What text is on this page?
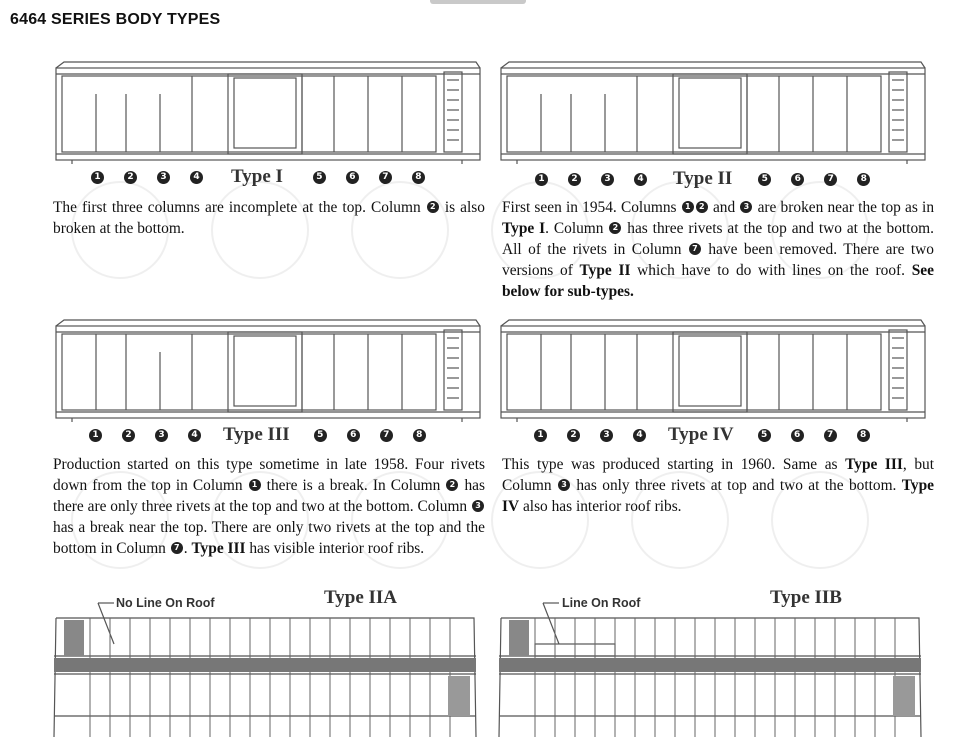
6464 SERIES BODY TYPES
1	2	3	4 Type I	5	6	7	8
The first three columns are incomplete at the top. Column 2 is also broken at the bottom.
1	2	3	4 Type II	5	6	7	8
First seen in 1954. Columns 1 2 and 3 are broken near the top as in Type I. Column 2 has three rivets at the top and two at the bottom. All of the rivets in Column 7 have been removed. There are two versions of Type II which have to do with lines on the roof. See below for sub-types.
1	2	3	4 Type III	5	6	7	8
Production started on this type sometime in late 1958. Four rivets down from the top in Column 1 there is a break. In Column 2 has there are only three rivets at the top and two at the bottom. Column 3 has a break near the top. There are only two rivets at the top and the bottom in Column 7 . Type III has visible interior roof ribs.
1	2	3	4 Type IV	5	6	7	8
This type was produced starting in 1960. Same as Type III, but Column 3 has only three rivets at top and two at the bottom. Type IV also has interior roof ribs.
Type IIA
No Line On Roof	Type IIB
Line On Roof
